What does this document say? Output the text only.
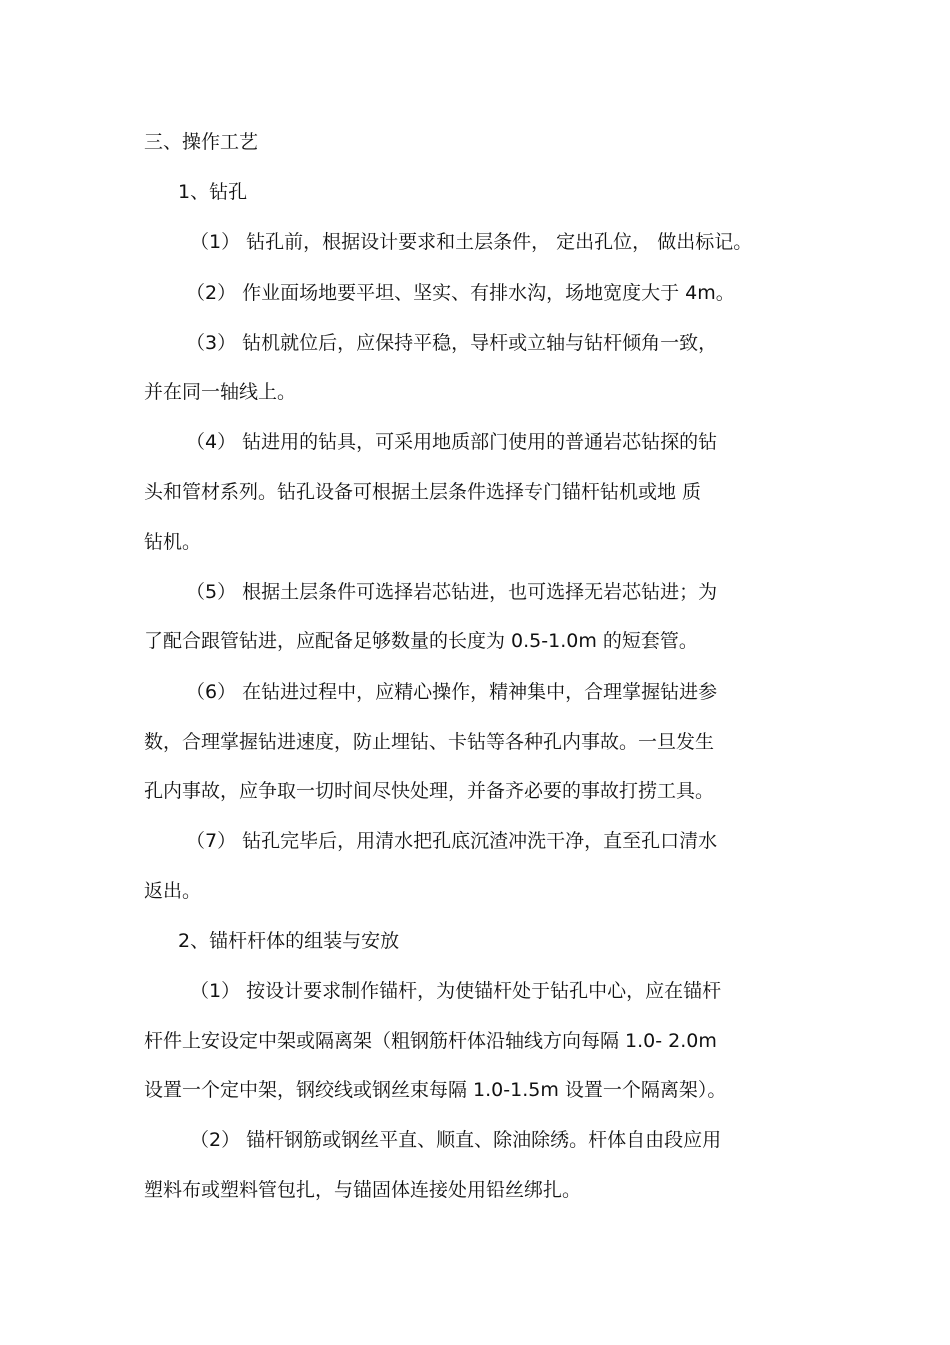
三、操作工艺

1、钻孔

（1） 钻孔前，根据设计要求和土层条件， 定出孔位， 做出标记。

（2） 作业面场地要平坦、坚实、有排水沟，场地宽度大于 4m。

（3） 钻机就位后，应保持平稳，导杆或立轴与钻杆倾角一致，

并在同一轴线上。

（4） 钻进用的钻具，可采用地质部门使用的普通岩芯钻探的钻

头和管材系列。钻孔设备可根据土层条件选择专门锚杆钻机或地 质

钻机。

（5） 根据土层条件可选择岩芯钻进，也可选择无岩芯钻进；为

了配合跟管钻进，应配备足够数量的长度为 0.5-1.0m 的短套管。

（6） 在钻进过程中，应精心操作，精神集中，合理掌握钻进参

数，合理掌握钻进速度，防止埋钻、卡钻等各种孔内事故。一旦发生

孔内事故，应争取一切时间尽快处理，并备齐必要的事故打捞工具。

（7） 钻孔完毕后，用清水把孔底沉渣冲洗干净，直至孔口清水

返出。

2、锚杆杆体的组装与安放

（1） 按设计要求制作锚杆，为使锚杆处于钻孔中心，应在锚杆

杆件上安设定中架或隔离架（粗钢筋杆体沿轴线方向每隔 1.0- 2.0m

设置一个定中架，钢绞线或钢丝束每隔 1.0-1.5m 设置一个隔离架）。

（2） 锚杆钢筋或钢丝平直、顺直、除油除绣。杆体自由段应用

塑料布或塑料管包扎，与锚固体连接处用铅丝绑扎。
